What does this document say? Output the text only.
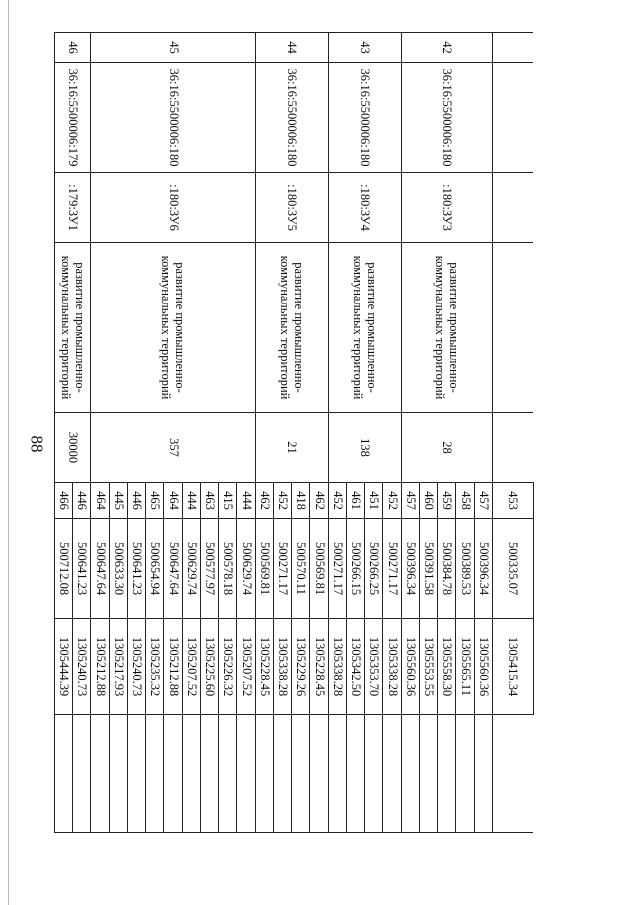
88
					453	500335.07	1305415.34	
42	36:16:5500006:180	:180:ЗУ3	развитие промышленно-коммунальных территорий	28	457	500396.34	1305560.36	
					458	500389.53	1305565.11	
					459	500384.78	1305558.30	
					460	500391.58	1305553.55	
					457	500396.34	1305560.36	
43	36:16:5500006:180	:180:ЗУ4	развитие промышленно-коммунальных территорий	138	452	500271.17	1305338.28	
					451	500266.25	1305353.70	
					461	500266.15	1305342.50	
					452	500271.17	1305338.28	
44	36:16:5500006:180	:180:ЗУ5	развитие промышленно-коммунальных территорий	21	462	500569.81	1305228.45	
					418	500570.11	1305229.26	
					452	500271.17	1305338.28	
					462	500569.81	1305228.45	
45	36:16:5500006:180	:180:ЗУ6	развитие промышленно-коммунальных территорий	357	444	500629.74	1305207.52	
					415	500578.18	1305226.32	
					463	500577.97	1305225.60	
					444	500629.74	1305207.52	
					464	500647.64	1305212.88	
					465	500654.94	1305235.32	
					446	500641.23	1305240.73	
					445	500633.30	1305217.93	
					464	500647.64	1305212.88	
46	36:16:5500006:179	:179:ЗУ1	развитие промышленно-коммунальных территорий	30000	446	500641.23	1305240.73	
					466	500712.08	1305444.39	
